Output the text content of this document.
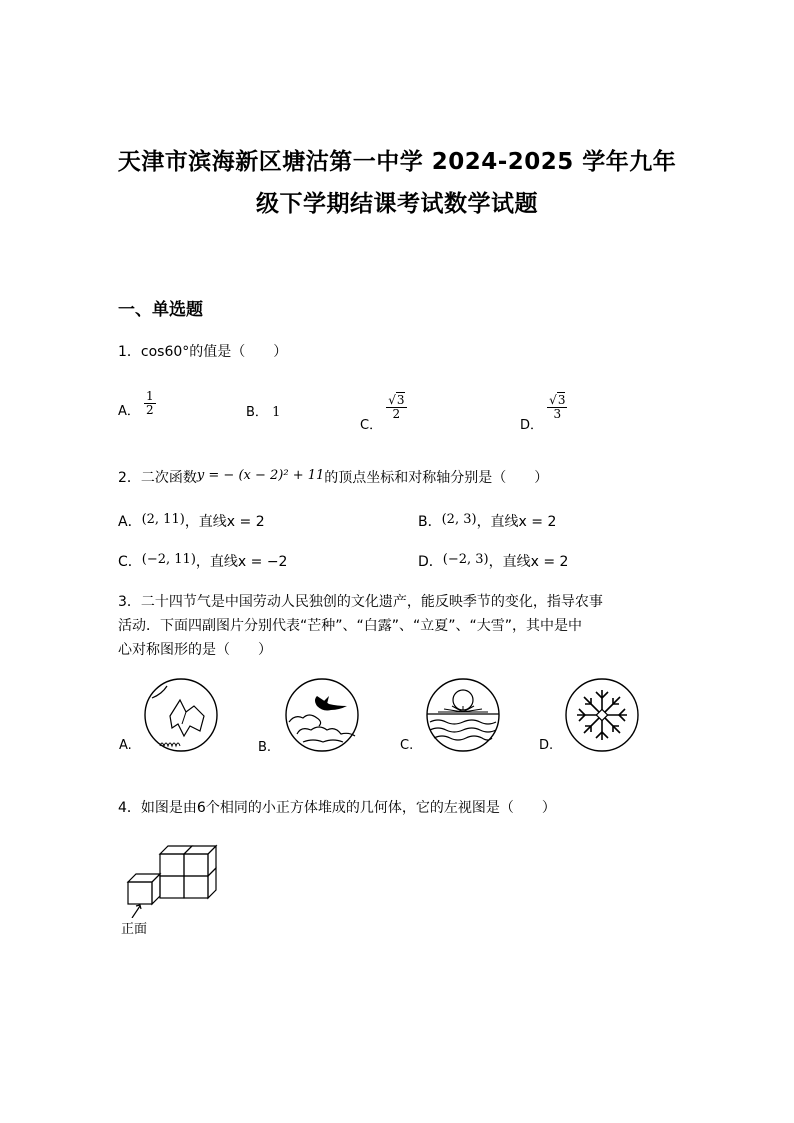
天津市滨海新区塘沽第一中学 2024-2025 学年九年
级下学期结课考试数学试题
一、单选题
1．cos60°的值是（　　）
A． $\frac{1}{2}$	B． 1
C．
$\frac{√3}{2}$
D．
$\frac{√3}{3}$
2．二次函数y = − (x − 2)² + 11的顶点坐标和对称轴分别是（　　）
A．(2, 11)，直线x = 2	B．(2, 3)，直线x = 2
C．(−2, 11)，直线x = −2	D．(−2, 3)，直线x = 2
3．二十四节气是中国劳动人民独创的文化遗产，能反映季节的变化，指导农事
活动．下面四副图片分别代表“芒种”、“白露”、“立夏”、“大雪”，其中是中
心对称图形的是（　　）
A.	B.	C.	D.
4．如图是由6个相同的小正方体堆成的几何体，它的左视图是（　　）
正面
